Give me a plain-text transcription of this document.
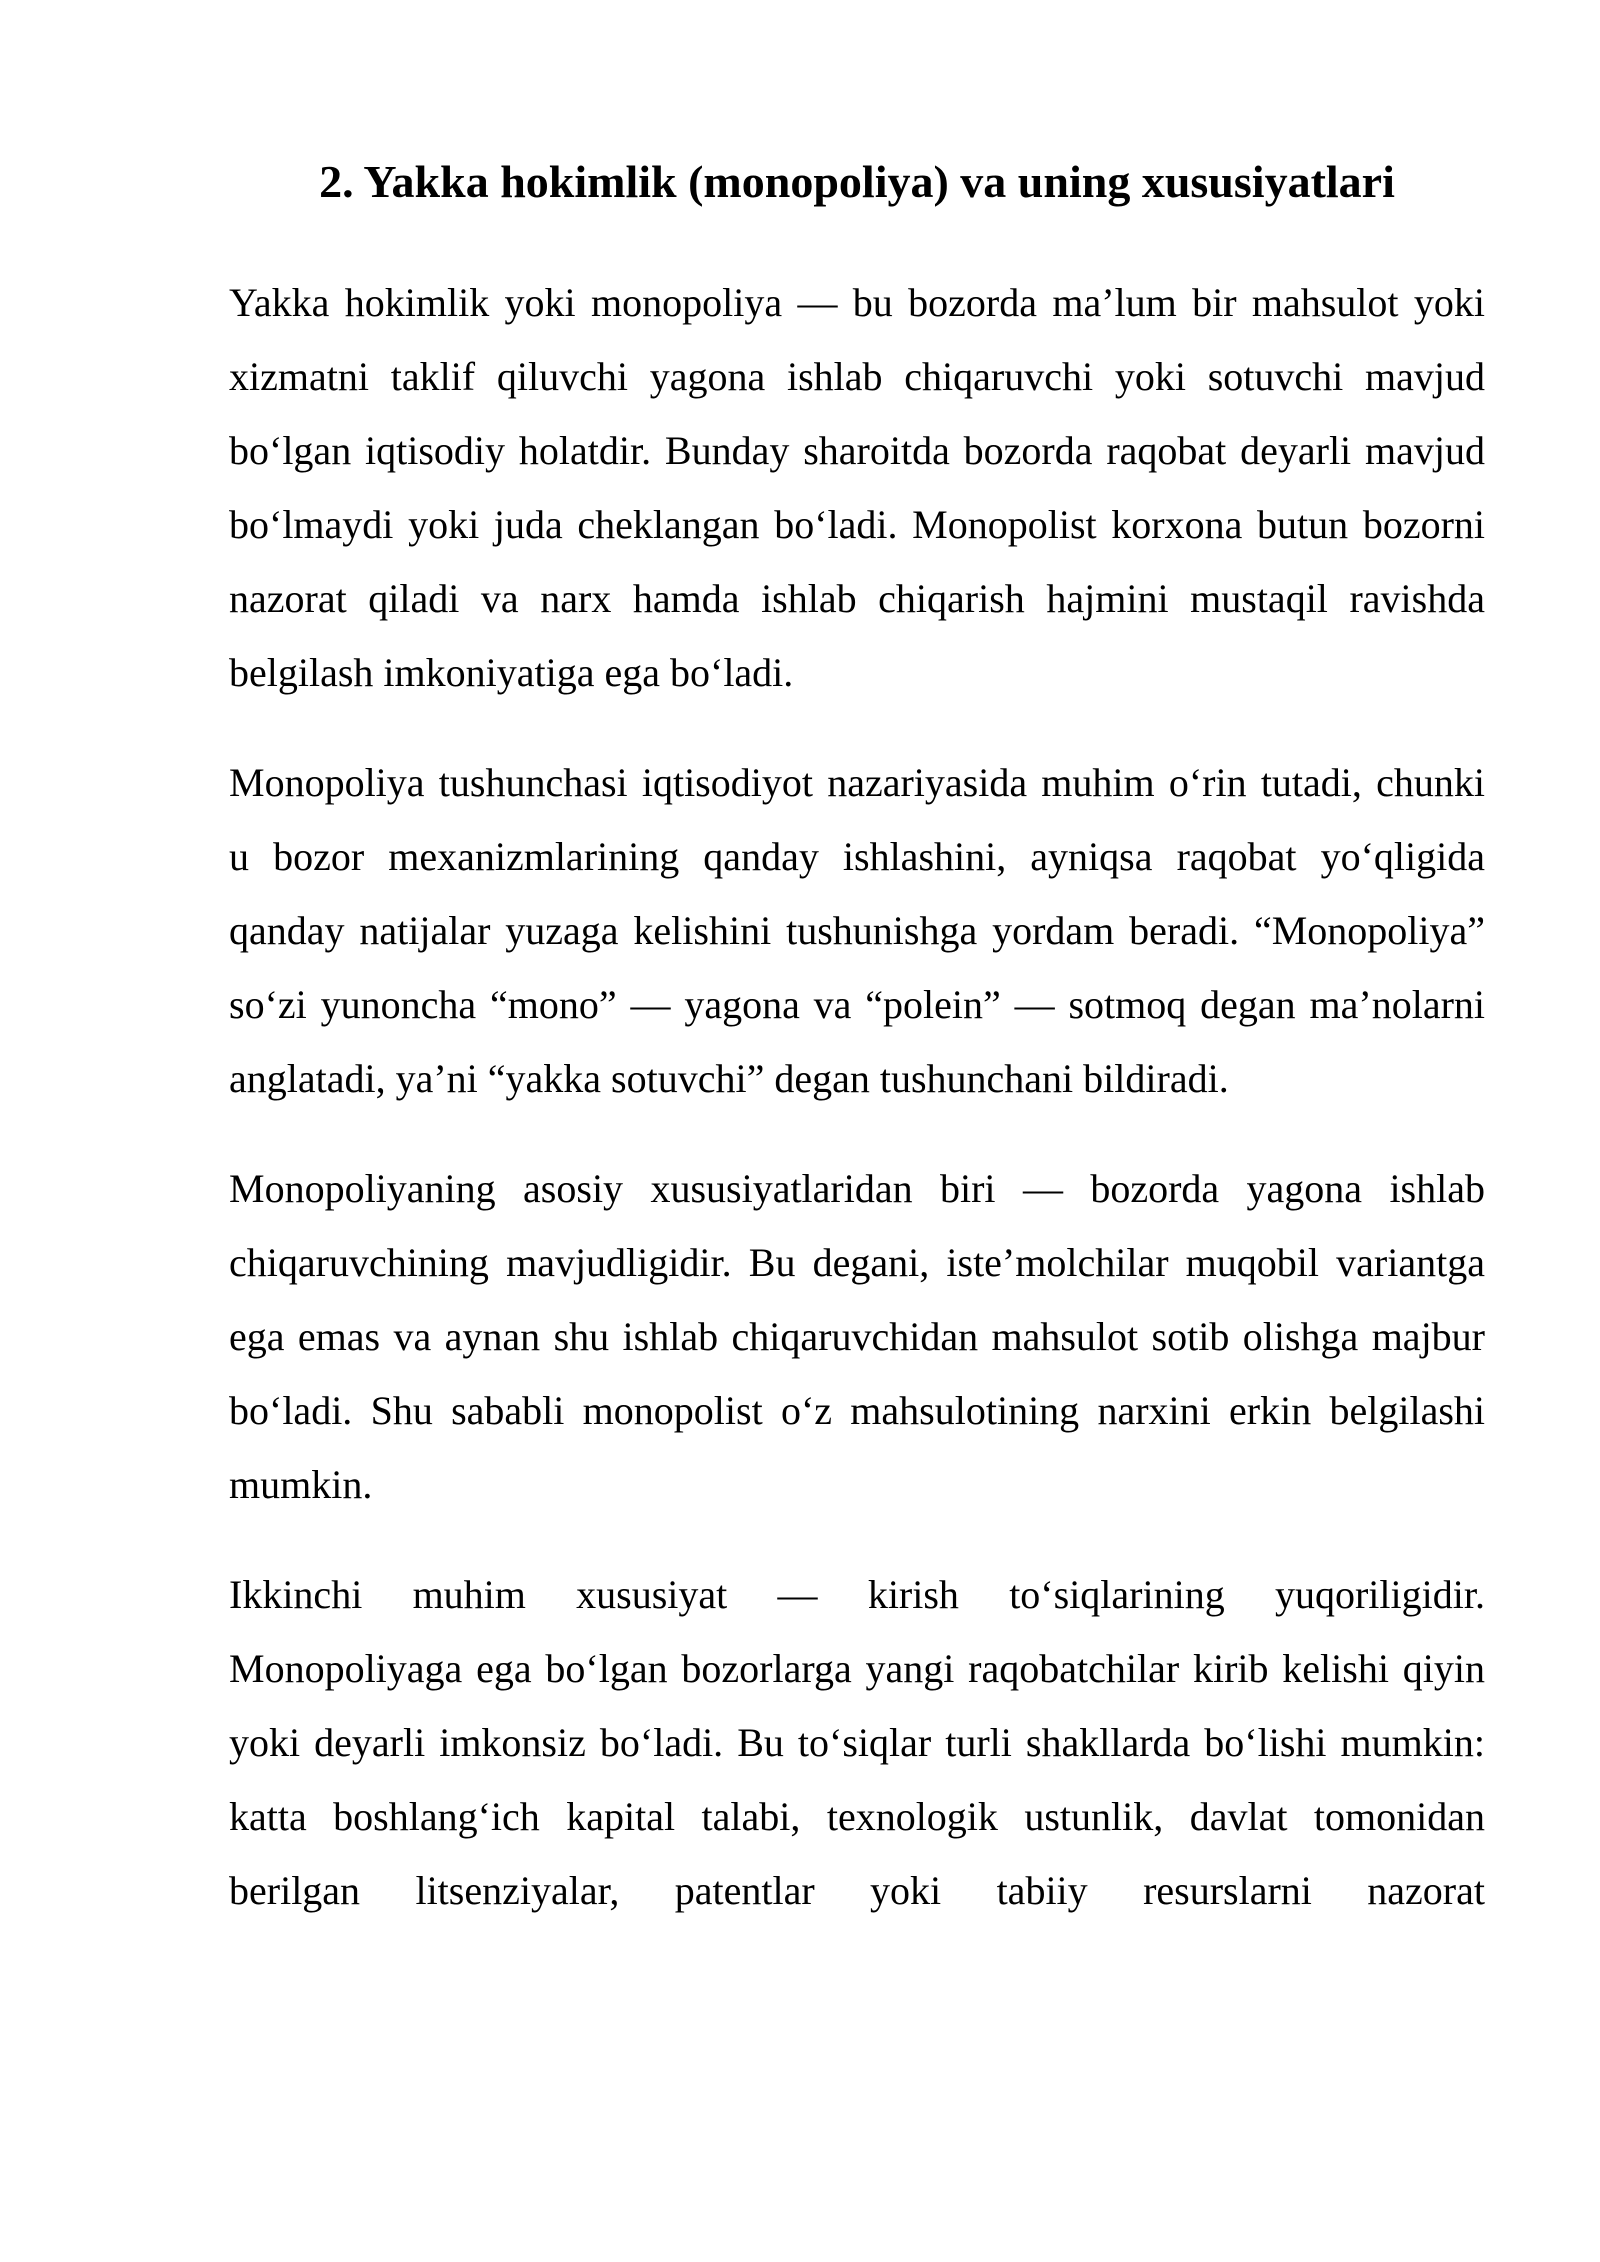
2. Yakka hokimlik (monopoliya) va uning xususiyatlari

Yakka hokimlik yoki monopoliya — bu bozorda ma’lum bir mahsulot yoki xizmatni taklif qiluvchi yagona ishlab chiqaruvchi yoki sotuvchi mavjud bo‘lgan iqtisodiy holatdir. Bunday sharoitda bozorda raqobat deyarli mavjud bo‘lmaydi yoki juda cheklangan bo‘ladi. Monopolist korxona butun bozorni nazorat qiladi va narx hamda ishlab chiqarish hajmini mustaqil ravishda belgilash imkoniyatiga ega bo‘ladi.

Monopoliya tushunchasi iqtisodiyot nazariyasida muhim o‘rin tutadi, chunki u bozor mexanizmlarining qanday ishlashini, ayniqsa raqobat yo‘qligida qanday natijalar yuzaga kelishini tushunishga yordam beradi. “Monopoliya” so‘zi yunoncha “mono” — yagona va “polein” — sotmoq degan ma’nolarni anglatadi, ya’ni “yakka sotuvchi” degan tushunchani bildiradi.

Monopoliyaning asosiy xususiyatlaridan biri — bozorda yagona ishlab chiqaruvchining mavjudligidir. Bu degani, iste’molchilar muqobil variantga ega emas va aynan shu ishlab chiqaruvchidan mahsulot sotib olishga majbur bo‘ladi. Shu sababli monopolist o‘z mahsulotining narxini erkin belgilashi mumkin.

Ikkinchi muhim xususiyat — kirish to‘siqlarining yuqoriligidir. Monopoliyaga ega bo‘lgan bozorlarga yangi raqobatchilar kirib kelishi qiyin yoki deyarli imkonsiz bo‘ladi. Bu to‘siqlar turli shakllarda bo‘lishi mumkin: katta boshlang‘ich kapital talabi, texnologik ustunlik, davlat tomonidan berilgan litsenziyalar, patentlar yoki tabiiy resurslarni nazorat
